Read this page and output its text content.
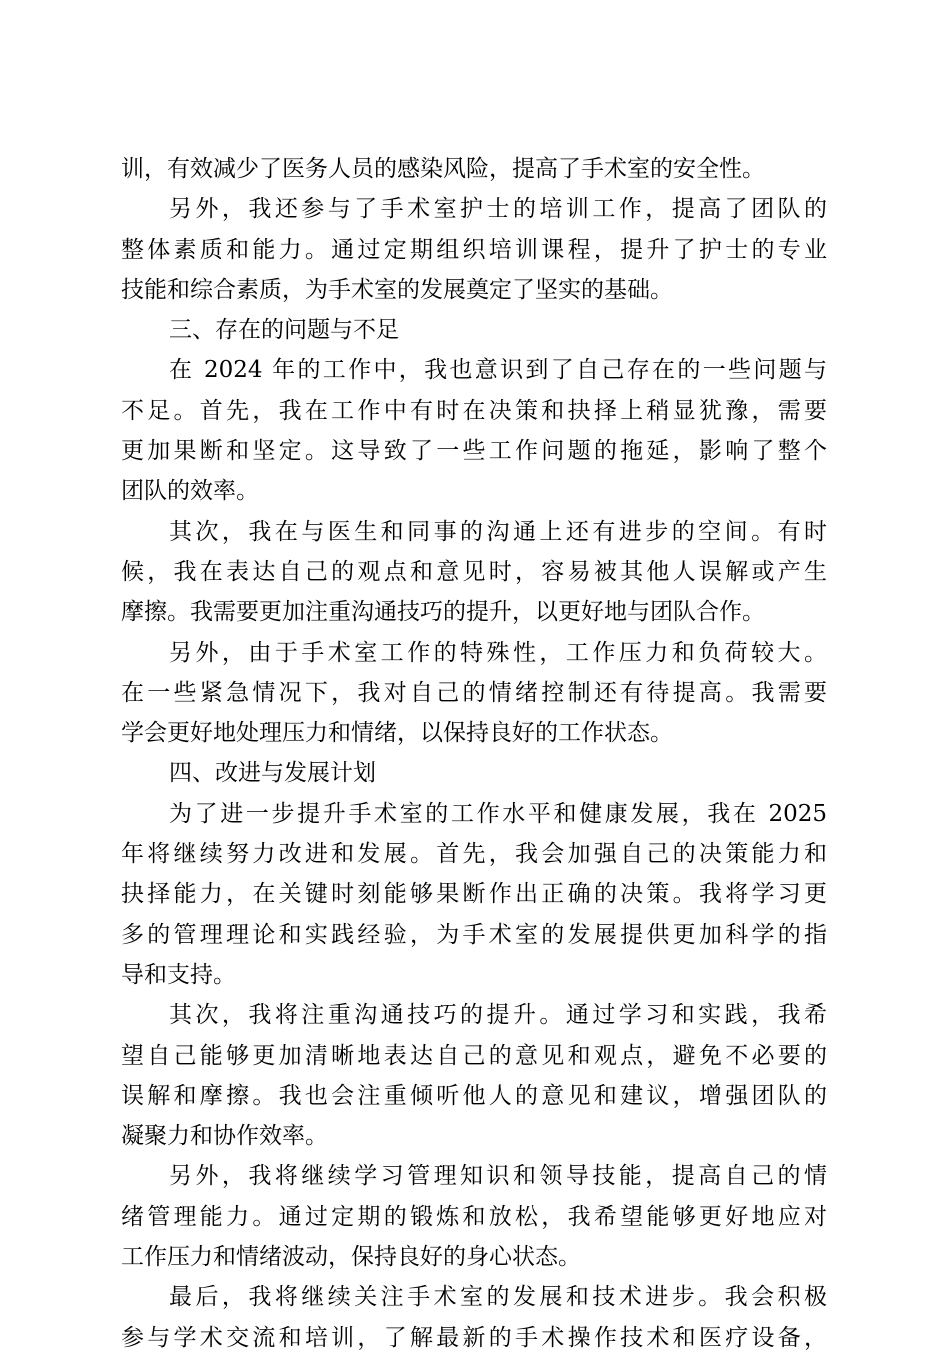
训，有效减少了医务人员的感染风险，提高了手术室的安全性。
另外，我还参与了手术室护士的培训工作，提高了团队的
整体素质和能力。通过定期组织培训课程，提升了护士的专业
技能和综合素质，为手术室的发展奠定了坚实的基础。
三、存在的问题与不足
在 2024 年的工作中，我也意识到了自己存在的一些问题与
不足。首先，我在工作中有时在决策和抉择上稍显犹豫，需要
更加果断和坚定。这导致了一些工作问题的拖延，影响了整个
团队的效率。
其次，我在与医生和同事的沟通上还有进步的空间。有时
候，我在表达自己的观点和意见时，容易被其他人误解或产生
摩擦。我需要更加注重沟通技巧的提升，以更好地与团队合作。
另外，由于手术室工作的特殊性，工作压力和负荷较大。
在一些紧急情况下，我对自己的情绪控制还有待提高。我需要
学会更好地处理压力和情绪，以保持良好的工作状态。
四、改进与发展计划
为了进一步提升手术室的工作水平和健康发展，我在 2025
年将继续努力改进和发展。首先，我会加强自己的决策能力和
抉择能力，在关键时刻能够果断作出正确的决策。我将学习更
多的管理理论和实践经验，为手术室的发展提供更加科学的指
导和支持。
其次，我将注重沟通技巧的提升。通过学习和实践，我希
望自己能够更加清晰地表达自己的意见和观点，避免不必要的
误解和摩擦。我也会注重倾听他人的意见和建议，增强团队的
凝聚力和协作效率。
另外，我将继续学习管理知识和领导技能，提高自己的情
绪管理能力。通过定期的锻炼和放松，我希望能够更好地应对
工作压力和情绪波动，保持良好的身心状态。
最后，我将继续关注手术室的发展和技术进步。我会积极
参与学术交流和培训，了解最新的手术操作技术和医疗设备，
